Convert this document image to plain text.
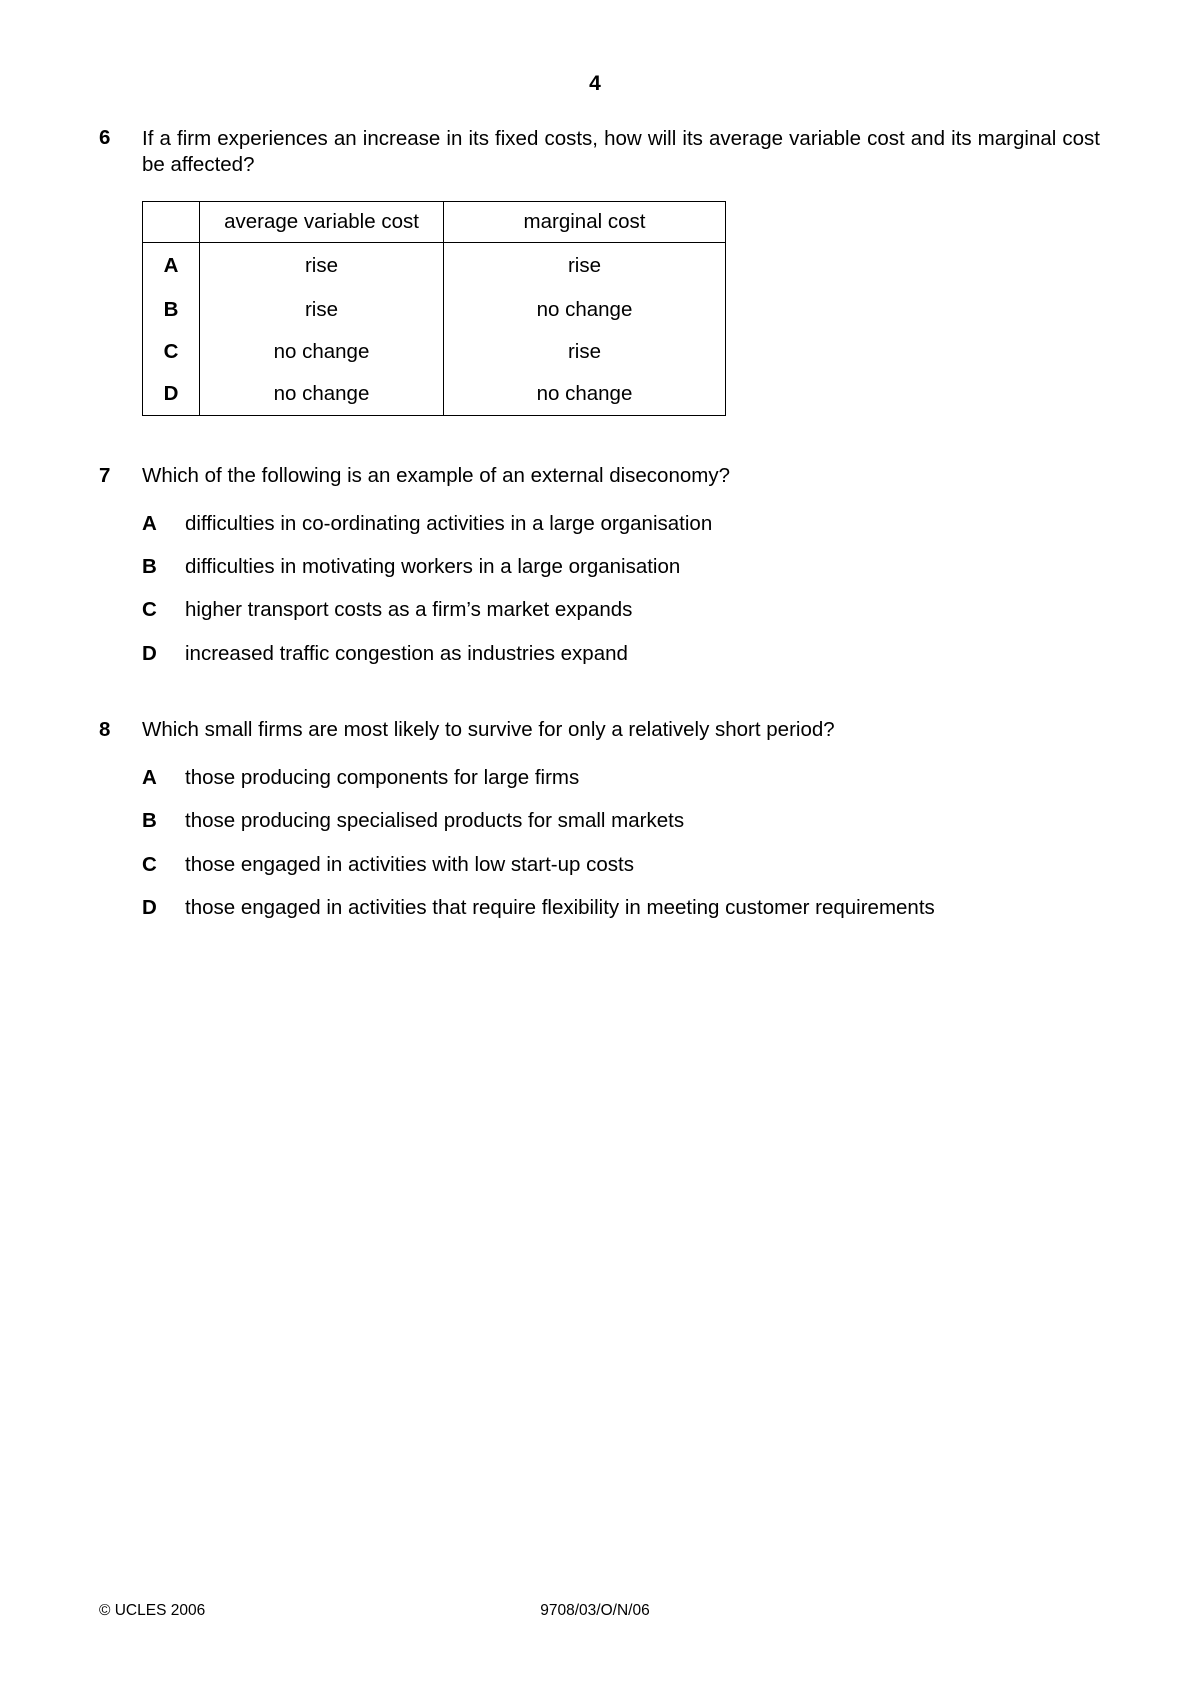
4
6 If a firm experiences an increase in its fixed costs, how will its average variable cost and its marginal cost be affected?
	average variable cost	marginal cost
A	rise	rise
B	rise	no change
C	no change	rise
D	no change	no change
7 Which of the following is an example of an external diseconomy?
A difficulties in co-ordinating activities in a large organisation
B difficulties in motivating workers in a large organisation
C higher transport costs as a firm’s market expands
D increased traffic congestion as industries expand
8 Which small firms are most likely to survive for only a relatively short period?
A those producing components for large firms
B those producing specialised products for small markets
C those engaged in activities with low start-up costs
D those engaged in activities that require flexibility in meeting customer requirements
© UCLES 2006	9708/03/O/N/06
